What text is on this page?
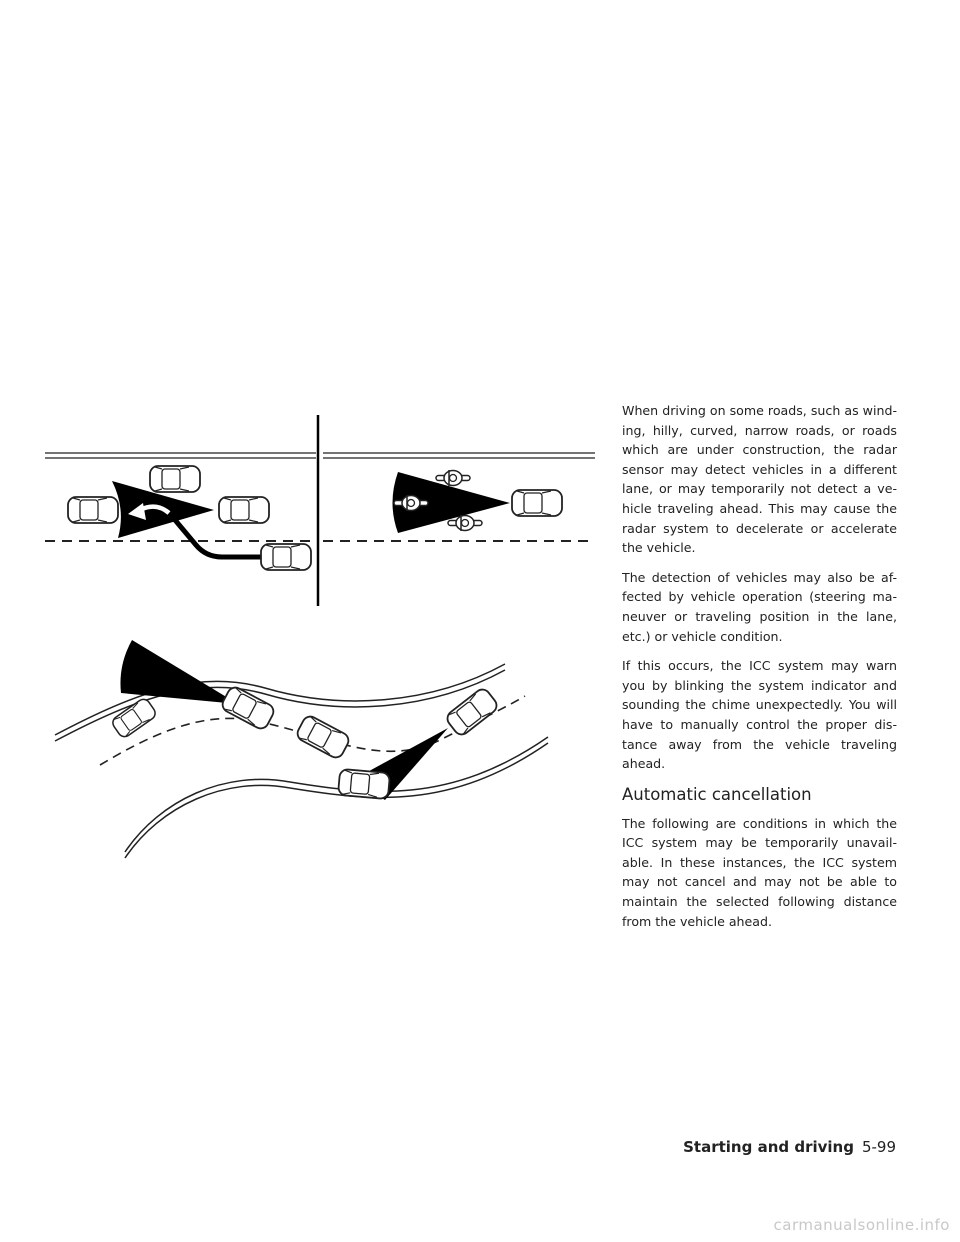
When driving on some roads, such as wind-ing, hilly, curved, narrow roads, or roads which are under construction, the radar sensor may detect vehicles in a different lane, or may temporarily not detect a ve-hicle traveling ahead. This may cause the radar system to decelerate or accelerate the vehicle.

The detection of vehicles may also be af-fected by vehicle operation (steering ma-neuver or traveling position in the lane, etc.) or vehicle condition.

If this occurs, the ICC system may warn you by blinking the system indicator and sounding the chime unexpectedly. You will have to manually control the proper dis-tance away from the vehicle traveling ahead.

Automatic cancellation

The following are conditions in which the ICC system may be temporarily unavail-able. In these instances, the ICC system may not cancel and may not be able to maintain the selected following distance from the vehicle ahead.

Starting and driving 5-99
carmanualsonline.info
